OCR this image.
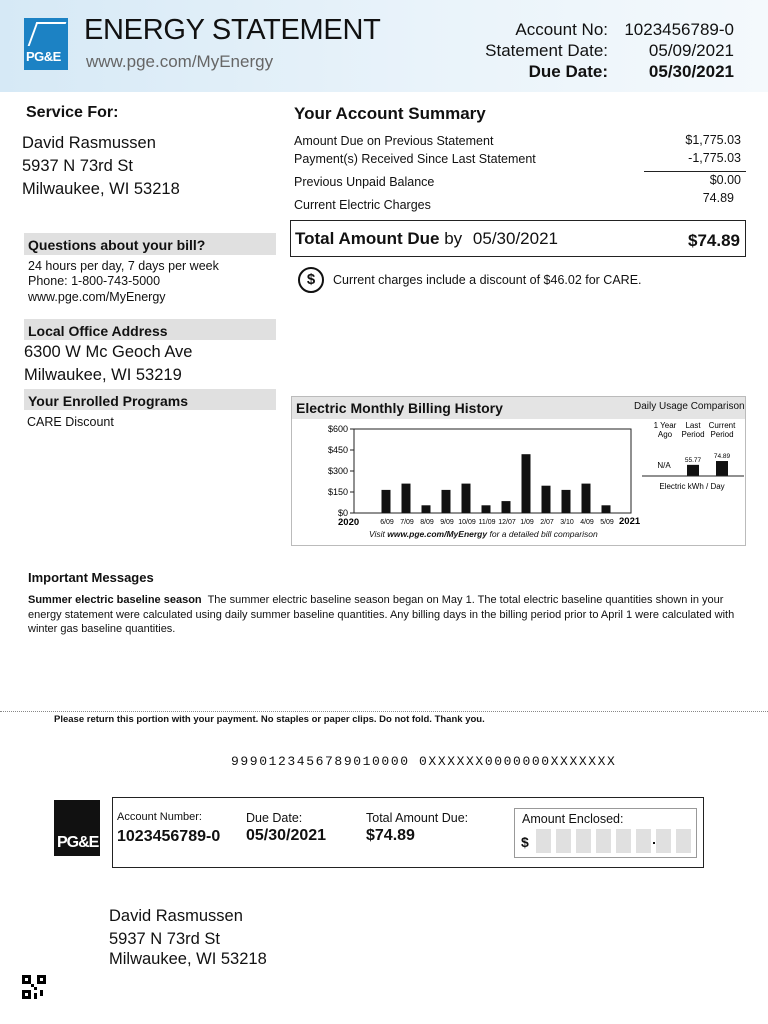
PG&E
ENERGY STATEMENT
www.pge.com/MyEnergy
Account No: 1023456789-0
Statement Date: 05/09/2021
Due Date: 05/30/2021
Service For:
David Rasmussen
5937 N 73rd St
Milwaukee, WI 53218
Questions about your bill?
24 hours per day, 7 days per week
Phone: 1-800-743-5000
www.pge.com/MyEnergy
Local Office Address
6300 W Mc Geoch Ave
Milwaukee, WI 53219
Your Enrolled Programs
CARE Discount
Your Account Summary
Amount Due on Previous Statement	$1,775.03
Payment(s) Received Since Last Statement	-1,775.03
Previous Unpaid Balance	$0.00
Current Electric Charges	74.89
Total Amount Due by 05/30/2021	$74.89
$	Current charges include a discount of $46.02 for CARE.
Electric Monthly Billing History	Daily Usage Comparison
$600
$450
$300
$150
$0
6/09 7/09 8/09 9/09 10/09 11/09 12/07 1/09 2/07 3/10 4/09 5/09
2020	2021
1 Year
Ago
N/A
Last
Period
55.77
Current
Period
74.89
Electric kWh / Day
Visit www.pge.com/MyEnergy for a detailed bill comparison
Important Messages
Summer electric baseline season The summer electric baseline season began on May 1. The total electric baseline quantities shown in your energy statement were calculated using daily summer baseline quantities. Any billing days in the billing period prior to April 1 were calculated with winter gas baseline quantities.
Please return this portion with your payment. No staples or paper clips. Do not fold. Thank you.
9990123456789010000 0XXXXXX0000000XXXXXXX
PG&E
Account Number:
1023456789-0
Due Date:
05/30/2021
Total Amount Due:
$74.89
Amount Enclosed:
$
David Rasmussen
5937 N 73rd St
Milwaukee, WI 53218
